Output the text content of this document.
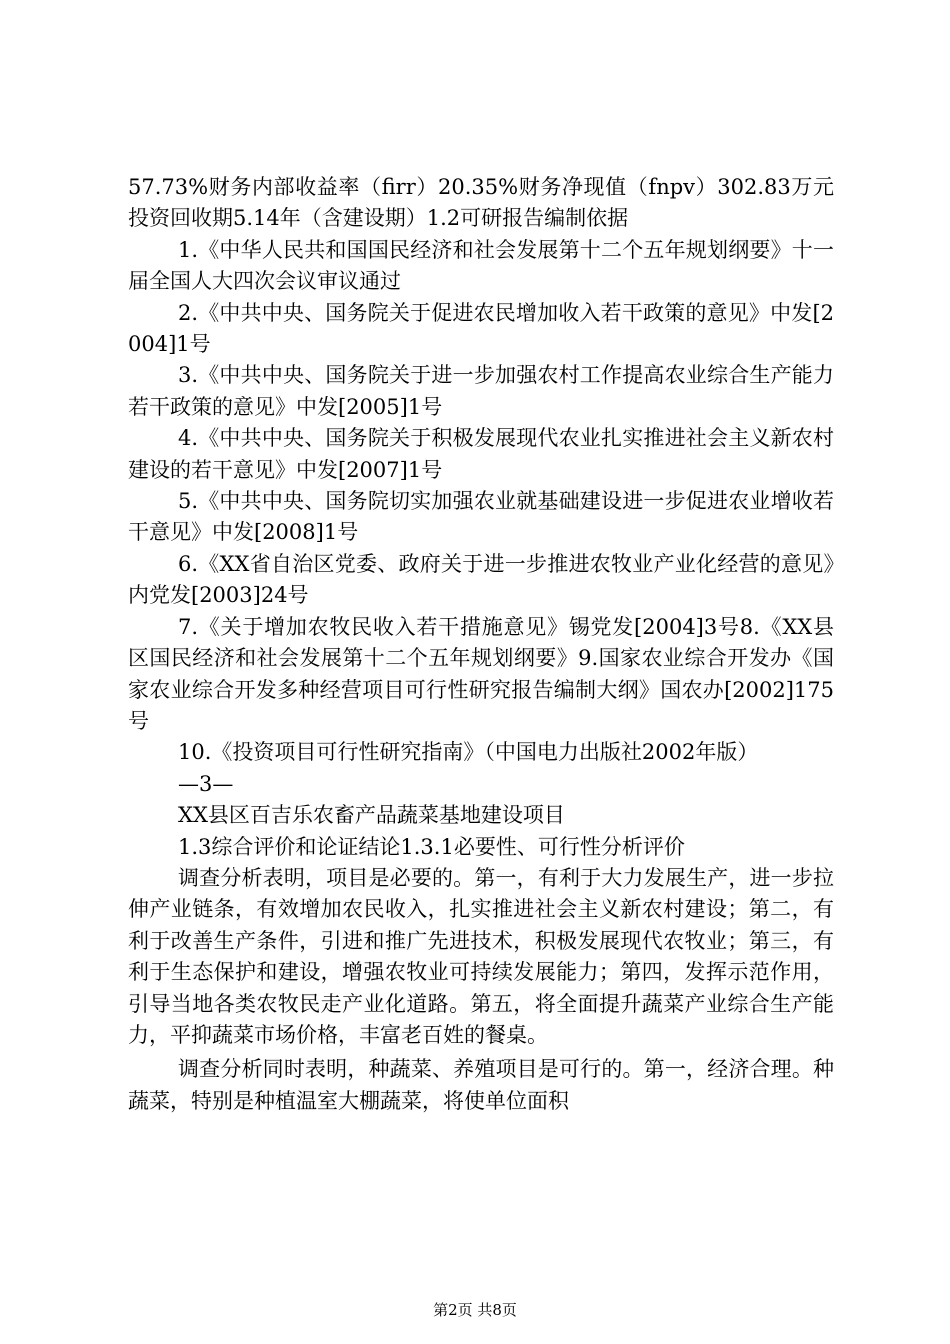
57.73%财务内部收益率（firr）20.35%财务净现值（fnpv）302.83万元投资回收期5.14年（含建设期）1.2可研报告编制依据

1.《中华人民共和国国民经济和社会发展第十二个五年规划纲要》十一届全国人大四次会议审议通过

2.《中共中央、国务院关于促进农民增加收入若干政策的意见》中发[2004]1号

3.《中共中央、国务院关于进一步加强农村工作提高农业综合生产能力若干政策的意见》中发[2005]1号

4.《中共中央、国务院关于积极发展现代农业扎实推进社会主义新农村建设的若干意见》中发[2007]1号

5.《中共中央、国务院切实加强农业就基础建设进一步促进农业增收若干意见》中发[2008]1号

6.《XX省自治区党委、政府关于进一步推进农牧业产业化经营的意见》内党发[2003]24号

7.《关于增加农牧民收入若干措施意见》锡党发[2004]3号8.《XX县区国民经济和社会发展第十二个五年规划纲要》9.国家农业综合开发办《国家农业综合开发多种经营项目可行性研究报告编制大纲》国农办[2002]175号

10.《投资项目可行性研究指南》（中国电力出版社2002年版）

—3—

XX县区百吉乐农畜产品蔬菜基地建设项目

1.3综合评价和论证结论1.3.1必要性、可行性分析评价

调查分析表明，项目是必要的。第一，有利于大力发展生产，进一步拉伸产业链条，有效增加农民收入，扎实推进社会主义新农村建设；第二，有利于改善生产条件，引进和推广先进技术，积极发展现代农牧业；第三，有利于生态保护和建设，增强农牧业可持续发展能力；第四，发挥示范作用，引导当地各类农牧民走产业化道路。第五，将全面提升蔬菜产业综合生产能力，平抑蔬菜市场价格，丰富老百姓的餐桌。

调查分析同时表明，种蔬菜、养殖项目是可行的。第一，经济合理。种蔬菜，特别是种植温室大棚蔬菜，将使单位面积

第2页 共8页
